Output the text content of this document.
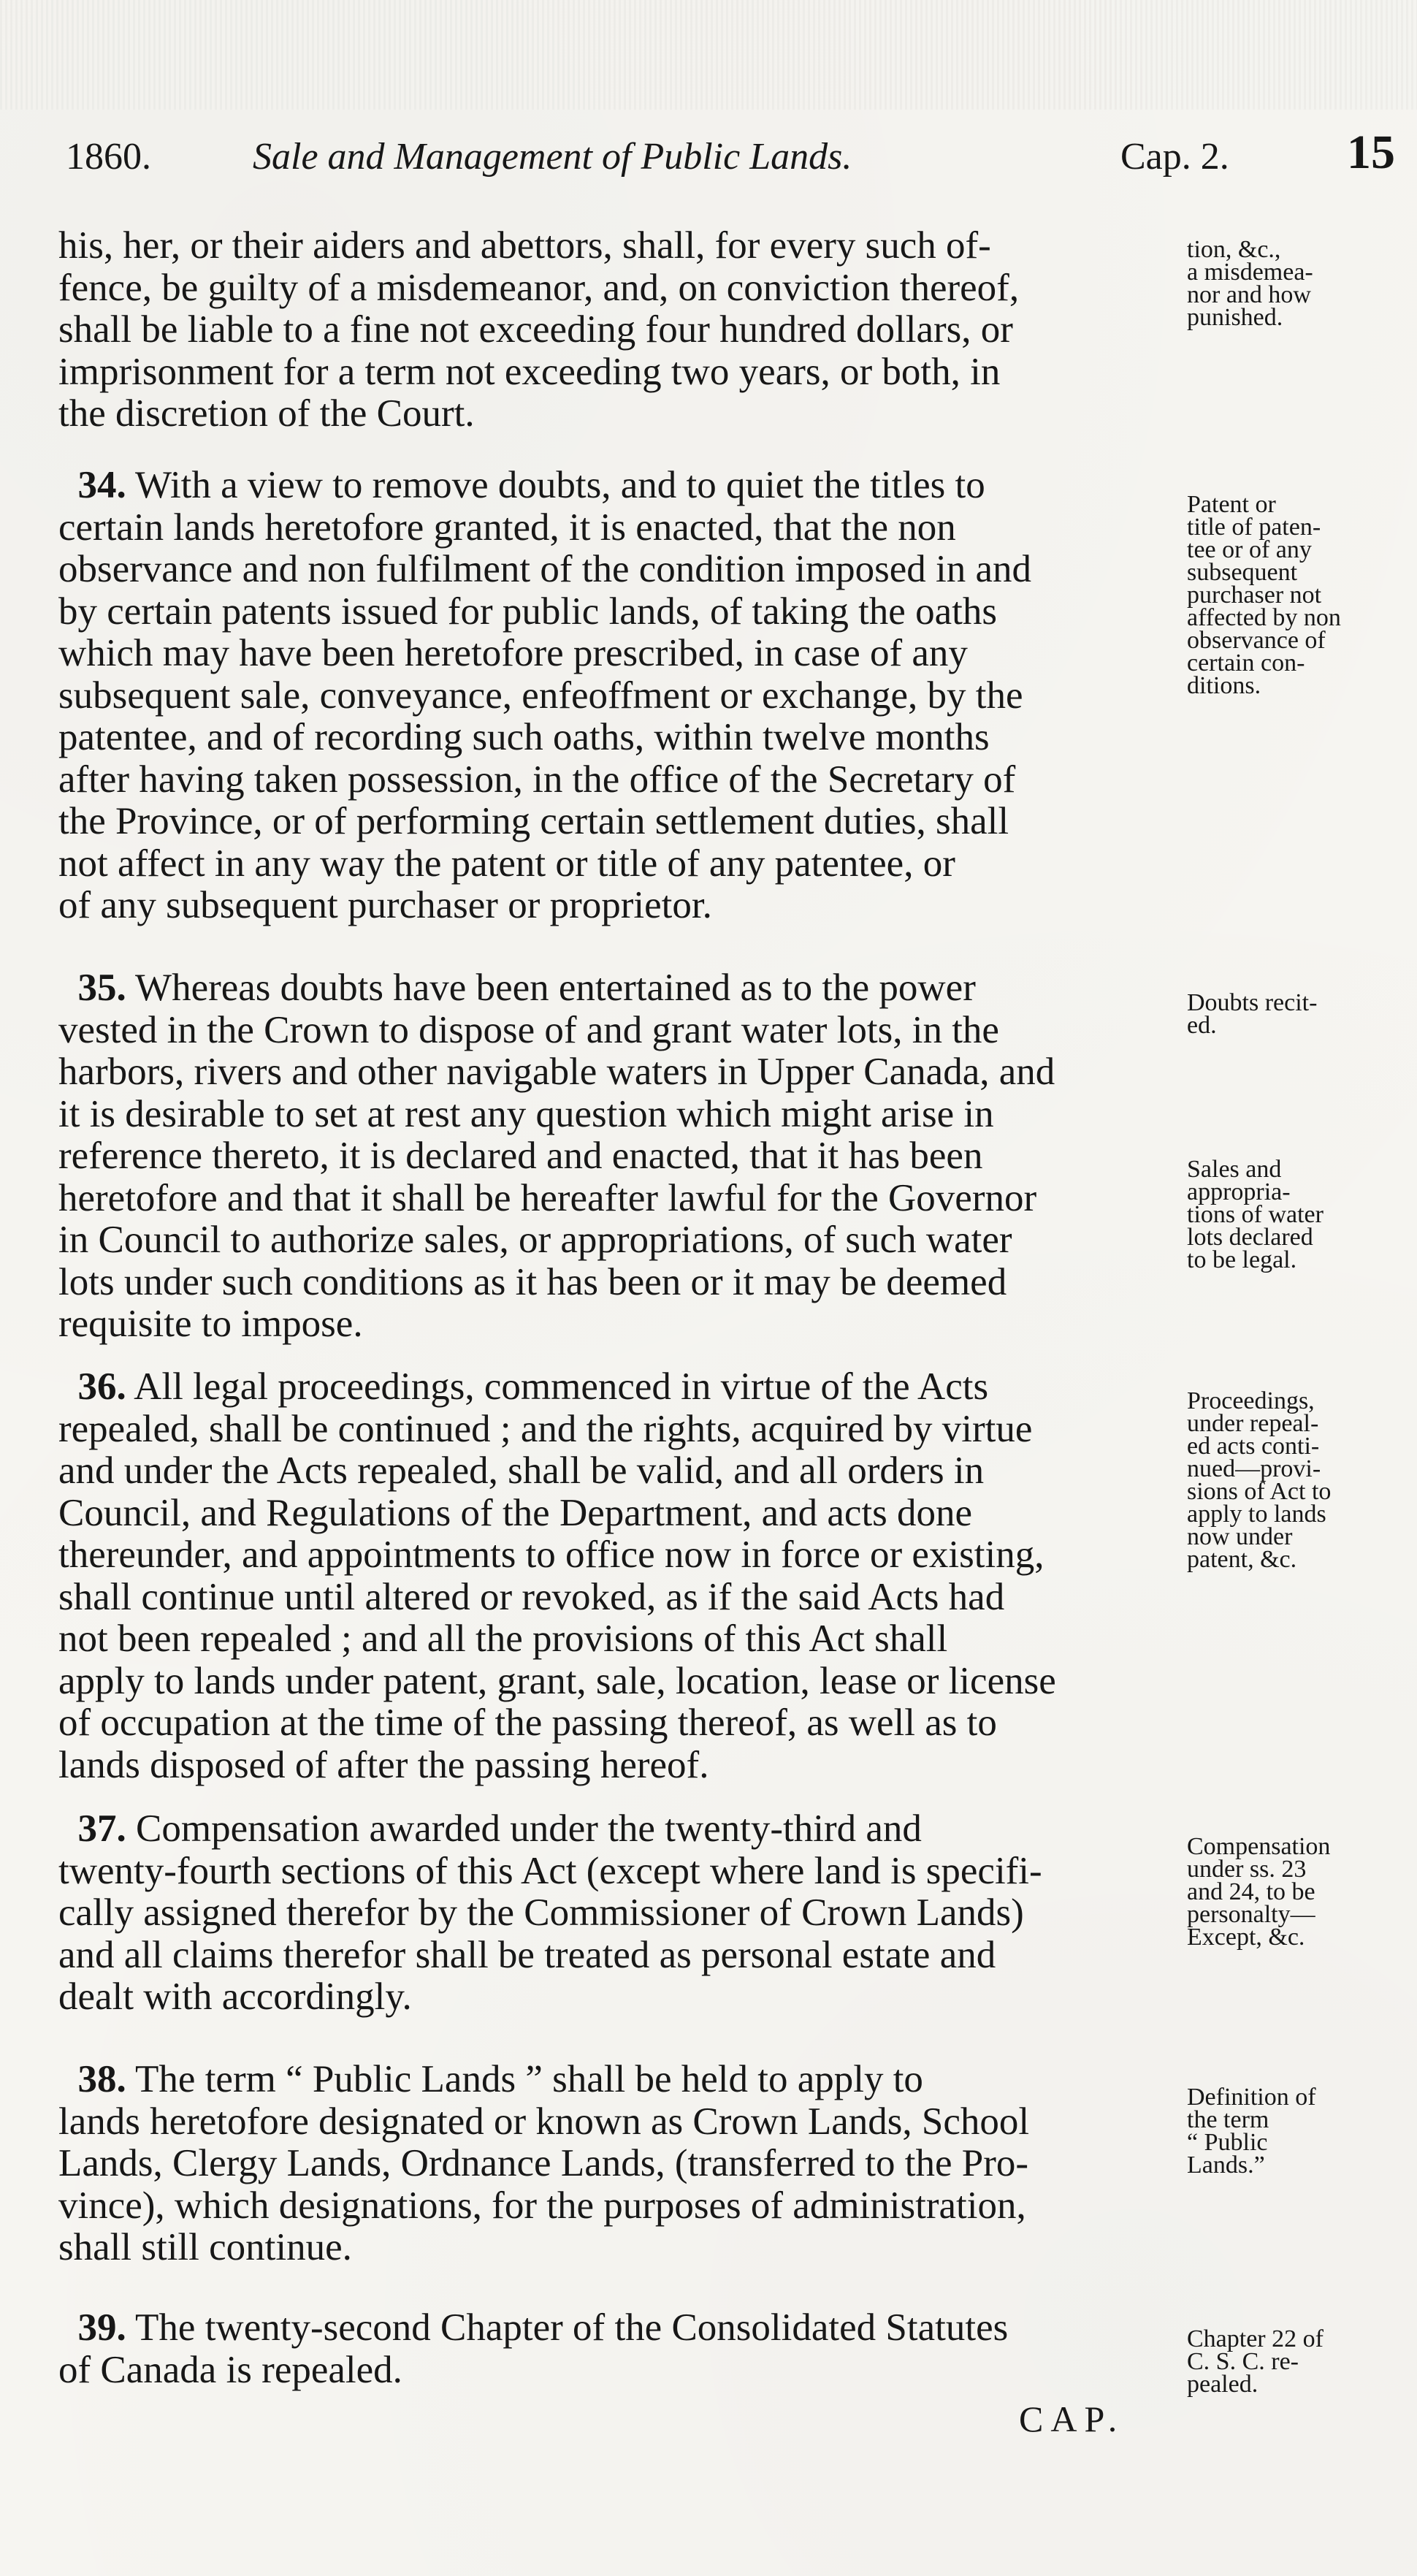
1860.	Sale and Management of Public Lands.	Cap. 2. 15
his, her, or their aiders and abettors, shall, for every such of-
fence, be guilty of a misdemeanor, and, on conviction thereof,
shall be liable to a fine not exceeding four hundred dollars, or
imprisonment for a term not exceeding two years, or both, in
the discretion of the Court.
34. With a view to remove doubts, and to quiet the titles to
certain lands heretofore granted, it is enacted, that the non
observance and non fulfilment of the condition imposed in and
by certain patents issued for public lands, of taking the oaths
which may have been heretofore prescribed, in case of any
subsequent sale, conveyance, enfeoffment or exchange, by the
patentee, and of recording such oaths, within twelve months
after having taken possession, in the office of the Secretary of
the Province, or of performing certain settlement duties, shall
not affect in any way the patent or title of any patentee, or
of any subsequent purchaser or proprietor.
35. Whereas doubts have been entertained as to the power
vested in the Crown to dispose of and grant water lots, in the
harbors, rivers and other navigable waters in Upper Canada, and
it is desirable to set at rest any question which might arise in
reference thereto, it is declared and enacted, that it has been
heretofore and that it shall be hereafter lawful for the Governor
in Council to authorize sales, or appropriations, of such water
lots under such conditions as it has been or it may be deemed
requisite to impose.
36. All legal proceedings, commenced in virtue of the Acts
repealed, shall be continued ; and the rights, acquired by virtue
and under the Acts repealed, shall be valid, and all orders in
Council, and Regulations of the Department, and acts done
thereunder, and appointments to office now in force or existing,
shall continue until altered or revoked, as if the said Acts had
not been repealed ; and all the provisions of this Act shall
apply to lands under patent, grant, sale, location, lease or license
of occupation at the time of the passing thereof, as well as to
lands disposed of after the passing hereof.
37. Compensation awarded under the twenty-third and
twenty-fourth sections of this Act (except where land is specifi-
cally assigned therefor by the Commissioner of Crown Lands)
and all claims therefor shall be treated as personal estate and
dealt with accordingly.
38. The term “ Public Lands ” shall be held to apply to
lands heretofore designated or known as Crown Lands, School
Lands, Clergy Lands, Ordnance Lands, (transferred to the Pro-
vince), which designations, for the purposes of administration,
shall still continue.
39. The twenty-second Chapter of the Consolidated Statutes
of Canada is repealed.
tion, &c.,
a misdemea-
nor and how
punished.
Patent or
title of paten-
tee or of any
subsequent
purchaser not
affected by non
observance of
certain con-
ditions.
Doubts recit-
ed.
Sales and
appropria-
tions of water
lots declared
to be legal.
Proceedings,
under repeal-
ed acts conti-
nued—provi-
sions of Act to
apply to lands
now under
patent, &c.
Compensation
under ss. 23
and 24, to be
personalty—
Except, &c.
Definition of
the term
“ Public
Lands.”
Chapter 22 of
C. S. C. re-
pealed.
CAP.
